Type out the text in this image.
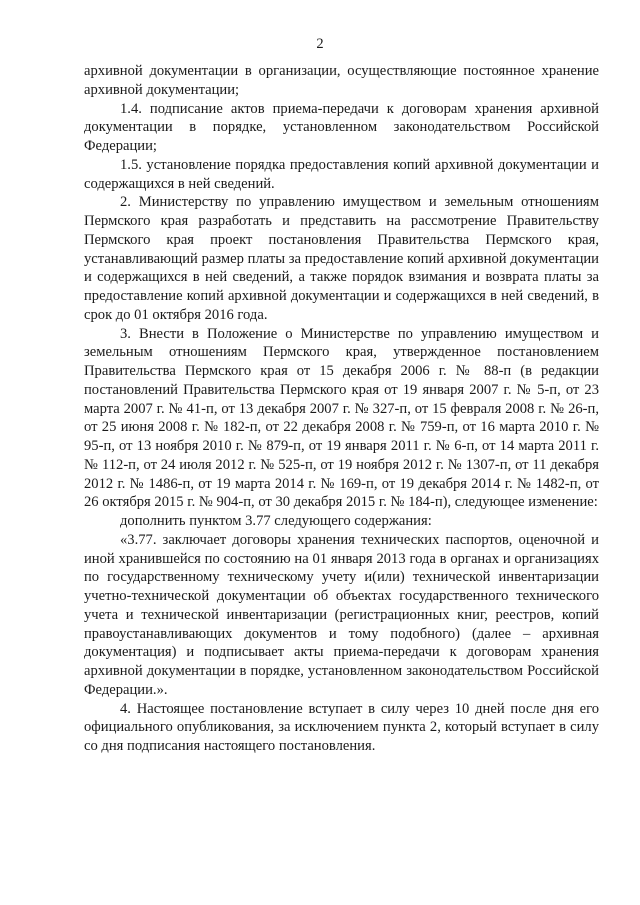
2

архивной документации в организации, осуществляющие постоянное хранение архивной документации;

1.4. подписание актов приема-передачи к договорам хранения архивной документации в порядке, установленном законодательством Российской Федерации;

1.5. установление порядка предоставления копий архивной документации и содержащихся в ней сведений.

2. Министерству по управлению имуществом и земельным отношениям Пермского края разработать и представить на рассмотрение Правительству Пермского края проект постановления Правительства Пермского края, устанавливающий размер платы за предоставление копий архивной документации и содержащихся в ней сведений, а также порядок взимания и возврата платы за предоставление копий архивной документации и содержащихся в ней сведений, в срок до 01 октября 2016 года.

3. Внести в Положение о Министерстве по управлению имуществом и земельным отношениям Пермского края, утвержденное постановлением Правительства Пермского края от 15 декабря 2006 г. № 88-п (в редакции постановлений Правительства Пермского края от 19 января 2007 г. № 5-п, от 23 марта 2007 г. № 41-п, от 13 декабря 2007 г. № 327-п, от 15 февраля 2008 г. № 26-п, от 25 июня 2008 г. № 182-п, от 22 декабря 2008 г. № 759-п, от 16 марта 2010 г. № 95-п, от 13 ноября 2010 г. № 879-п, от 19 января 2011 г. № 6-п, от 14 марта 2011 г. № 112-п, от 24 июля 2012 г. № 525-п, от 19 ноября 2012 г. № 1307-п, от 11 декабря 2012 г. № 1486-п, от 19 марта 2014 г. № 169-п, от 19 декабря 2014 г. № 1482-п, от 26 октября 2015 г. № 904-п, от 30 декабря 2015 г. № 184-п), следующее изменение:

дополнить пунктом 3.77 следующего содержания:

«3.77. заключает договоры хранения технических паспортов, оценочной и иной хранившейся по состоянию на 01 января 2013 года в органах и организациях по государственному техническому учету и(или) технической инвентаризации учетно-технической документации об объектах государственного технического учета и технической инвентаризации (регистрационных книг, реестров, копий правоустанавливающих документов и тому подобного) (далее – архивная документация) и подписывает акты приема-передачи к договорам хранения архивной документации в порядке, установленном законодательством Российской Федерации.».

4. Настоящее постановление вступает в силу через 10 дней после дня его официального опубликования, за исключением пункта 2, который вступает в силу со дня подписания настоящего постановления.
